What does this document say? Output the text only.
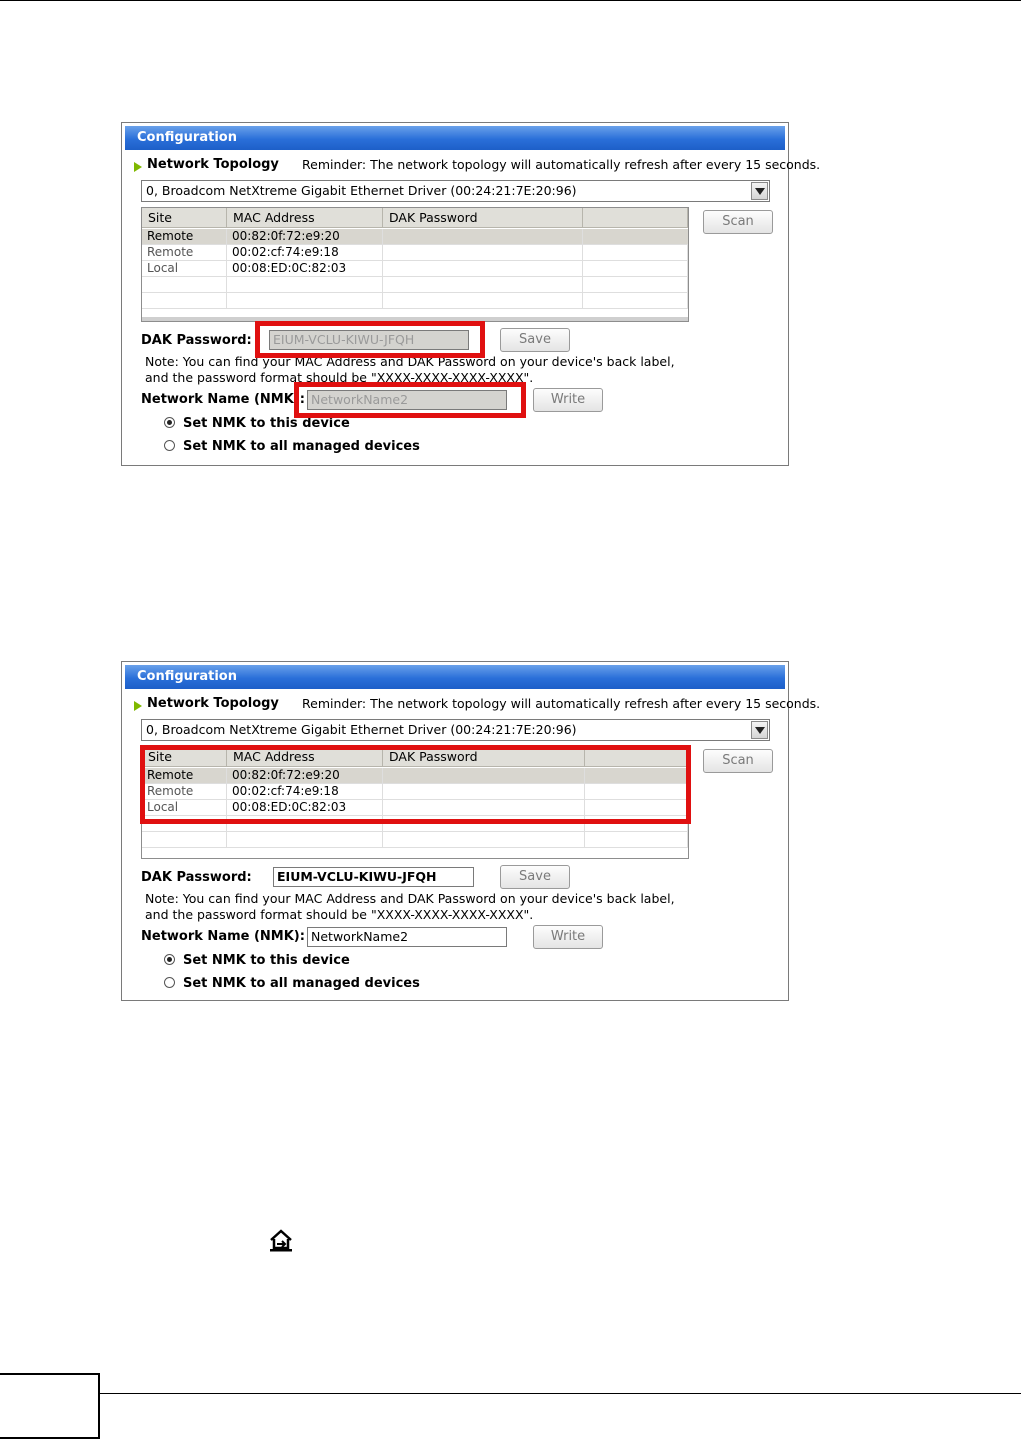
Configuration
Network Topology Reminder: The network topology will automatically refresh after every 15 seconds.
0, Broadcom NetXtreme Gigabit Ethernet Driver (00:24:21:7E:20:96)
Site	MAC Address	DAK Password
Remote	00:82:0f:72:e9:20
Remote	00:02:cf:74:e9:18
Local	00:08:ED:0C:82:03
Scan
DAK Password:	EIUM-VCLU-KIWU-JFQH	Save
Note: You can find your MAC Address and DAK Password on your device's back label,
and the password format should be "XXXX-XXXX-XXXX-XXXX".
Network Name (NMK): NetworkName2	Write
Set NMK to this device
Set NMK to all managed devices
Configuration
Network Topology Reminder: The network topology will automatically refresh after every 15 seconds.
0, Broadcom NetXtreme Gigabit Ethernet Driver (00:24:21:7E:20:96)
Site	MAC Address	DAK Password
Remote	00:82:0f:72:e9:20
Remote	00:02:cf:74:e9:18
Local	00:08:ED:0C:82:03
Scan
DAK Password:	EIUM-VCLU-KIWU-JFQH	Save
Note: You can find your MAC Address and DAK Password on your device's back label,
and the password format should be "XXXX-XXXX-XXXX-XXXX".
Network Name (NMK): NetworkName2	Write
Set NMK to this device
Set NMK to all managed devices
